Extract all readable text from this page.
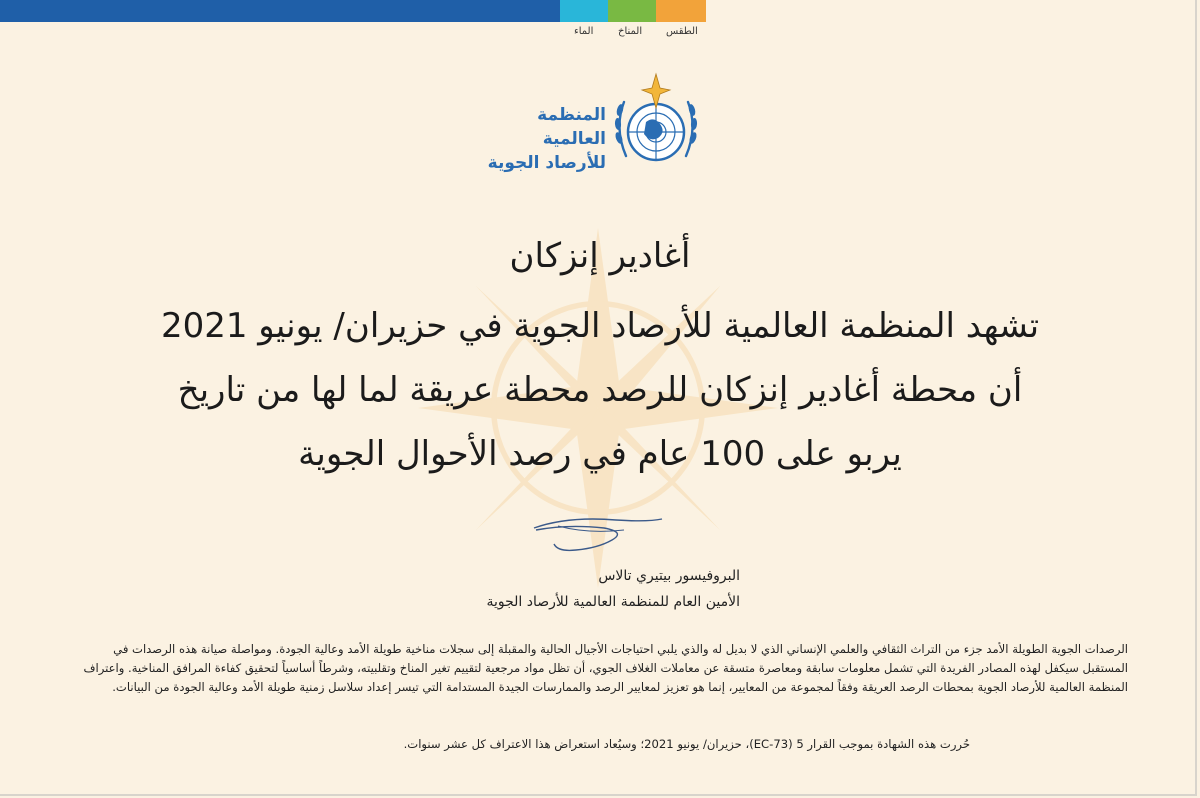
الطقس
المناخ
الماء
المنظمة العالمية
للأرصاد الجوية
أغادير إنزكان
تشهد المنظمة العالمية للأرصاد الجوية في حزيران/ يونيو 2021
أن محطة أغادير إنزكان للرصد محطة عريقة لما لها من تاريخ
يربو على 100 عام في رصد الأحوال الجوية
البروفيسور بيتيري تالاس
الأمين العام للمنظمة العالمية للأرصاد الجوية
الرصدات الجوية الطويلة الأمد جزء من التراث الثقافي والعلمي الإنساني الذي لا بديل له والذي يلبي احتياجات الأجيال الحالية والمقبلة إلى سجلات مناخية طويلة الأمد وعالية الجودة. ومواصلة صيانة هذه الرصدات في المستقبل سيكفل لهذه المصادر الفريدة التي تشمل معلومات سابقة ومعاصرة متسقة عن معاملات الغلاف الجوي، أن تظل مواد مرجعية لتقييم تغير المناخ وتقلبيته، وشرطاً أساسياً لتحقيق كفاءة المرافق المناخية. واعتراف المنظمة العالمية للأرصاد الجوية بمحطات الرصد العريقة وفقاً لمجموعة من المعايير، إنما هو تعزيز لمعايير الرصد والممارسات الجيدة المستدامة التي تيسر إعداد سلاسل زمنية طويلة الأمد وعالية الجودة من البيانات.
حُررت هذه الشهادة بموجب القرار 5 (EC-73)، حزيران/ يونيو 2021؛ وسيُعاد استعراض هذا الاعتراف كل عشر سنوات.
